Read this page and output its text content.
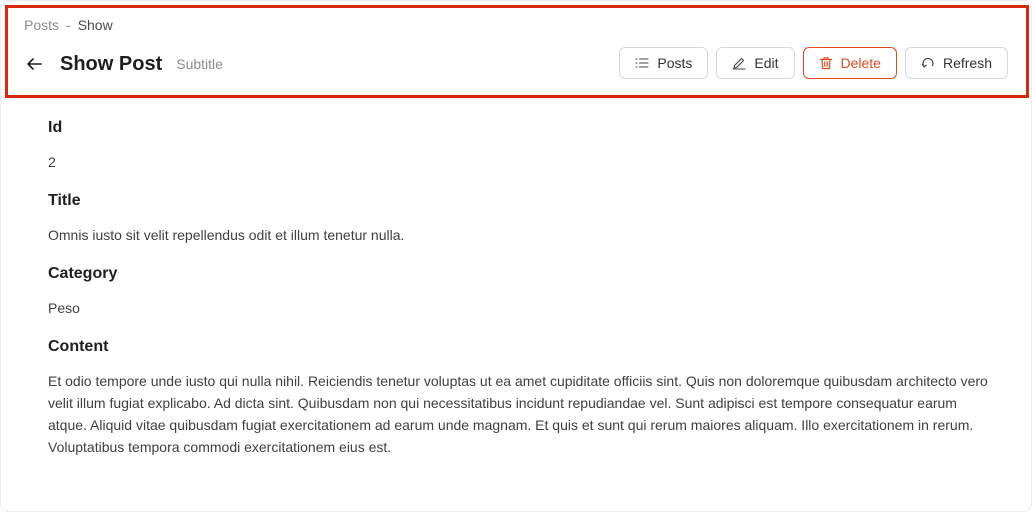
Posts - Show
Show Post Subtitle	Posts	Edit	Delete	Refresh
Id
2
Title
Omnis iusto sit velit repellendus odit et illum tenetur nulla.
Category
Peso
Content
Et odio tempore unde iusto qui nulla nihil. Reiciendis tenetur voluptas ut ea amet cupiditate officiis sint. Quis non doloremque quibusdam architecto vero velit illum fugiat explicabo. Ad dicta sint. Quibusdam non qui necessitatibus incidunt repudiandae vel. Sunt adipisci est tempore consequatur earum atque. Aliquid vitae quibusdam fugiat exercitationem ad earum unde magnam. Et quis et sunt qui rerum maiores aliquam. Illo exercitationem in rerum. Voluptatibus tempora commodi exercitationem eius est.
